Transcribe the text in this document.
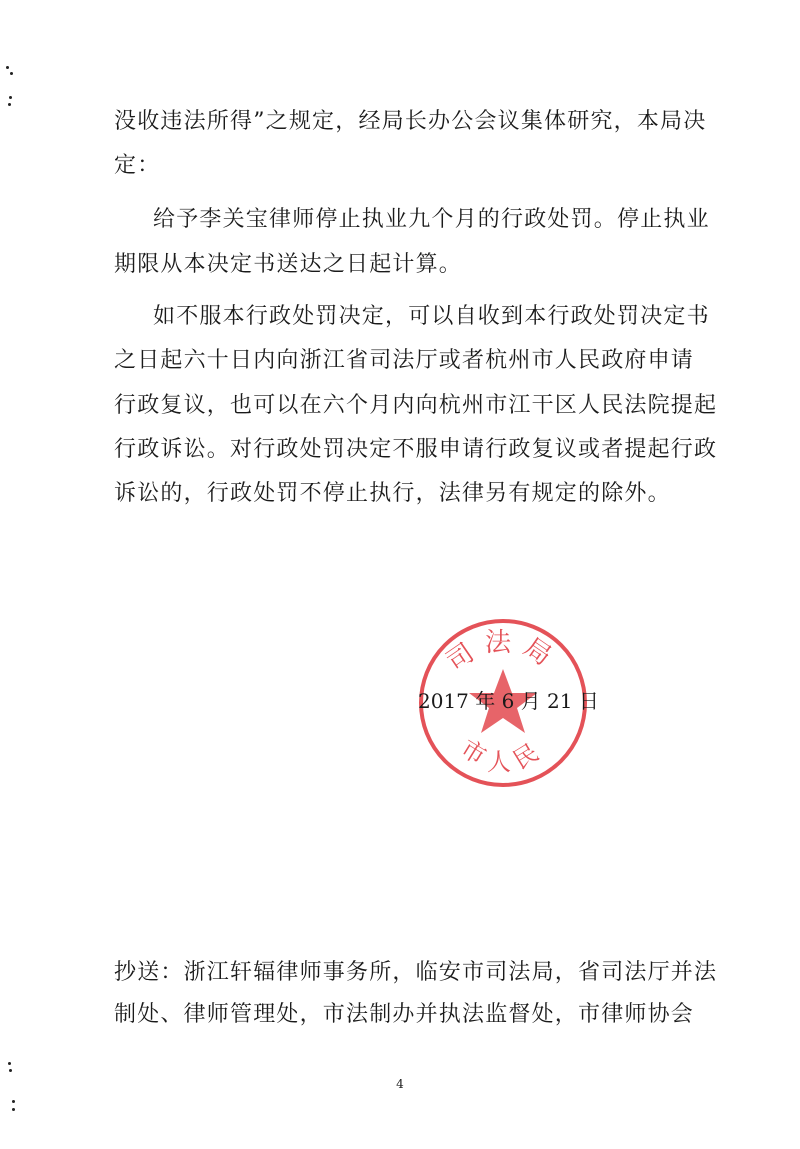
没收违法所得”之规定，经局长办公会议集体研究，本局决
定：
给予李关宝律师停止执业九个月的行政处罚。停止执业
期限从本决定书送达之日起计算。
如不服本行政处罚决定，可以自收到本行政处罚决定书
之日起六十日内向浙江省司法厅或者杭州市人民政府申请
行政复议，也可以在六个月内向杭州市江干区人民法院提起
行政诉讼。对行政处罚决定不服申请行政复议或者提起行政
诉讼的，行政处罚不停止执行，法律另有规定的除外。
司法局
市人民
2017 年 6 月 21 日
抄送：浙江轩辐律师事务所，临安市司法局，省司法厅并法
制处、律师管理处，市法制办并执法监督处，市律师协会
4
